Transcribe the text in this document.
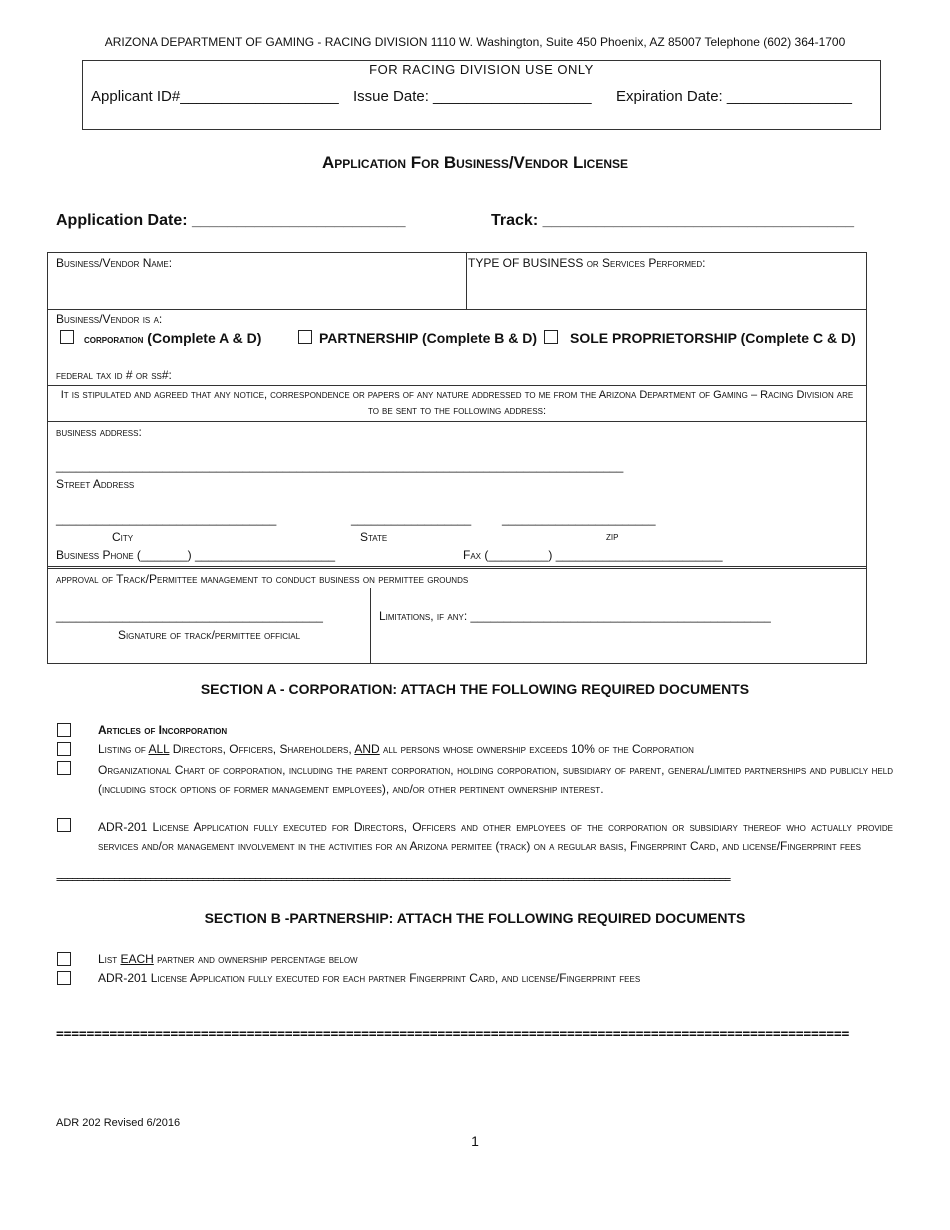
ARIZONA DEPARTMENT OF GAMING - RACING DIVISION 1110 W. Washington, Suite 450 Phoenix, AZ 85007 Telephone (602) 364-1700
FOR RACING DIVISION USE ONLY
Applicant ID#___________________ Issue Date: ___________________ Expiration Date: _______________
Application For Business/Vendor License
Application Date: ________________________	Track: ___________________________________
Business/Vendor Name:	TYPE OF BUSINESS or Services Performed:
Business/Vendor is a:
corporation (Complete A & D)	PARTNERSHIP (Complete B & D) SOLE PROPRIETORSHIP (Complete C & D)
federal tax id # or ss#:
It is stipulated and agreed that any notice, correspondence or papers of any nature addressed to me from the Arizona Department of Gaming – Racing Division are to be sent to the following address:
business address:
_____________________________________________________________________________________
Street Address
_________________________________	__________________	_______________________
City	State	zip
Business Phone (_______) _____________________	Fax (_________) _________________________
approval of Track/Permittee management to conduct business on permittee grounds
________________________________________
Signature of track/permittee official
Limitations, if any: _____________________________________________
SECTION A - CORPORATION: ATTACH THE FOLLOWING REQUIRED DOCUMENTS
Articles of Incorporation
Listing of ALL Directors, Officers, Shareholders, AND all persons whose ownership exceeds 10% of the Corporation
Organizational Chart of corporation, including the parent corporation, holding corporation, subsidiary of parent, general/limited partnerships and publicly held (including stock options of former management employees), and/or other pertinent ownership interest.
ADR-201 License Application fully executed for Directors, Officers and other employees of the corporation or subsidiary thereof who actually provide services and/or management involvement in the activities for an Arizona permitee (track) on a regular basis, Fingerprint Card, and license/Fingerprint fees
=================================================================================================================================
SECTION B -PARTNERSHIP: ATTACH THE FOLLOWING REQUIRED DOCUMENTS
List EACH partner and ownership percentage below
ADR-201 License Application fully executed for each partner Fingerprint Card, and license/Fingerprint fees
========================================================================================================
ADR 202 Revised 6/2016
1
